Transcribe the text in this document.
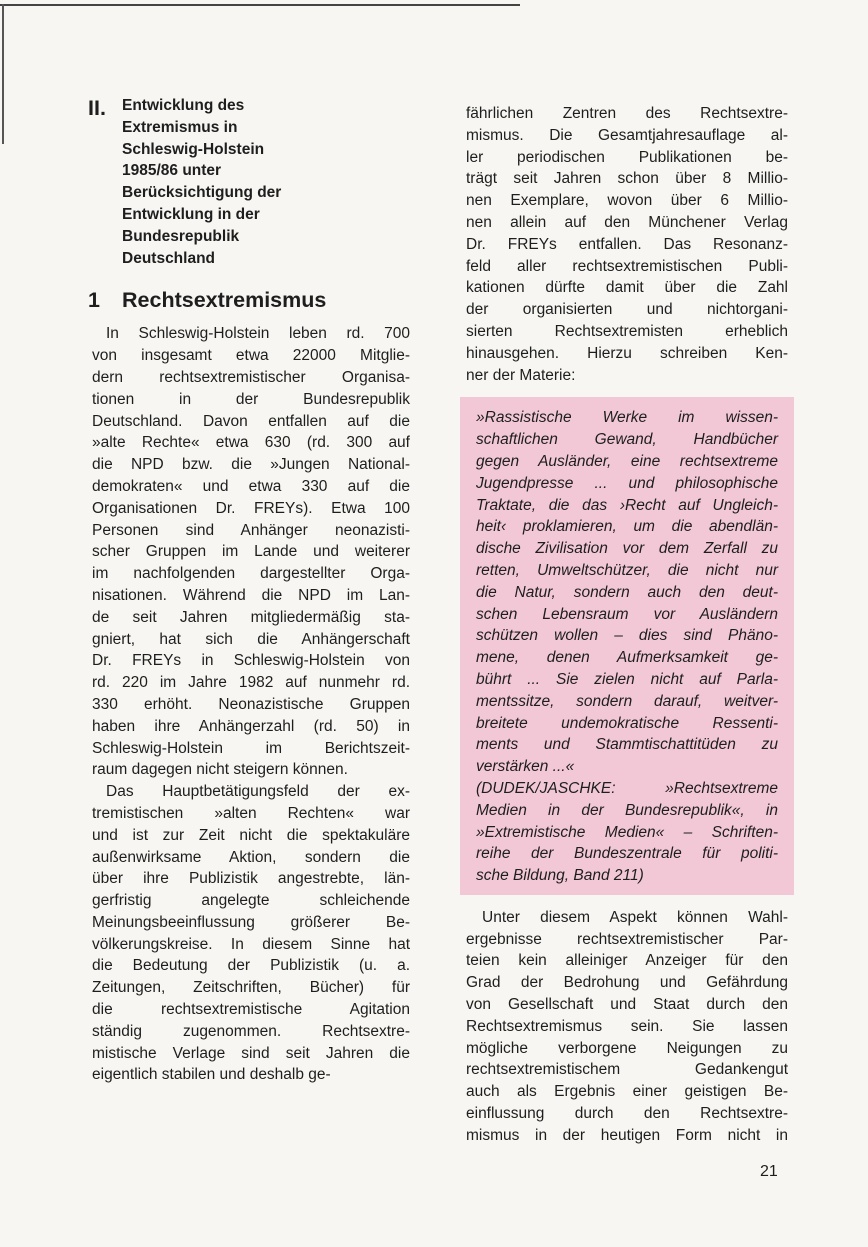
II.	Entwicklung des
Extremismus in
Schleswig-Holstein
1985/86 unter
Berücksichtigung der
Entwicklung in der
Bundesrepublik
Deutschland
1	Rechtsextremismus
In Schleswig-Holstein leben rd. 700
von insgesamt etwa 22000 Mitglie-
dern rechtsextremistischer Organisa-
tionen in der Bundesrepublik
Deutschland. Davon entfallen auf die
»alte Rechte« etwa 630 (rd. 300 auf
die NPD bzw. die »Jungen National-
demokraten« und etwa 330 auf die
Organisationen Dr. FREYs). Etwa 100
Personen sind Anhänger neonazisti-
scher Gruppen im Lande und weiterer
im nachfolgenden dargestellter Orga-
nisationen. Während die NPD im Lan-
de seit Jahren mitgliedermäßig sta-
gniert, hat sich die Anhängerschaft
Dr. FREYs in Schleswig-Holstein von
rd. 220 im Jahre 1982 auf nunmehr rd.
330 erhöht. Neonazistische Gruppen
haben ihre Anhängerzahl (rd. 50) in
Schleswig-Holstein im Berichtszeit-
raum dagegen nicht steigern können.
Das Hauptbetätigungsfeld der ex-
tremistischen »alten Rechten« war
und ist zur Zeit nicht die spektakuläre
außenwirksame Aktion, sondern die
über ihre Publizistik angestrebte, län-
gerfristig angelegte schleichende
Meinungsbeeinflussung größerer Be-
völkerungskreise. In diesem Sinne hat
die Bedeutung der Publizistik (u. a.
Zeitungen, Zeitschriften, Bücher) für
die rechtsextremistische Agitation
ständig zugenommen. Rechtsextre-
mistische Verlage sind seit Jahren die
eigentlich stabilen und deshalb ge-
fährlichen Zentren des Rechtsextre-
mismus. Die Gesamtjahresauflage al-
ler periodischen Publikationen be-
trägt seit Jahren schon über 8 Millio-
nen Exemplare, wovon über 6 Millio-
nen allein auf den Münchener Verlag
Dr. FREYs entfallen. Das Resonanz-
feld aller rechtsextremistischen Publi-
kationen dürfte damit über die Zahl
der organisierten und nichtorgani-
sierten Rechtsextremisten erheblich
hinausgehen. Hierzu schreiben Ken-
ner der Materie:
»Rassistische Werke im wissen-
schaftlichen Gewand, Handbücher
gegen Ausländer, eine rechtsextreme
Jugendpresse ... und philosophische
Traktate, die das ›Recht auf Ungleich-
heit‹ proklamieren, um die abendlän-
dische Zivilisation vor dem Zerfall zu
retten, Umweltschützer, die nicht nur
die Natur, sondern auch den deut-
schen Lebensraum vor Ausländern
schützen wollen – dies sind Phäno-
mene, denen Aufmerksamkeit ge-
bührt ... Sie zielen nicht auf Parla-
mentssitze, sondern darauf, weitver-
breitete undemokratische Ressenti-
ments und Stammtischattitüden zu
verstärken ...«
(DUDEK/JASCHKE: »Rechtsextreme
Medien in der Bundesrepublik«, in
»Extremistische Medien« – Schriften-
reihe der Bundeszentrale für politi-
sche Bildung, Band 211)
Unter diesem Aspekt können Wahl-
ergebnisse rechtsextremistischer Par-
teien kein alleiniger Anzeiger für den
Grad der Bedrohung und Gefährdung
von Gesellschaft und Staat durch den
Rechtsextremismus sein. Sie lassen
mögliche verborgene Neigungen zu
rechtsextremistischem Gedankengut
auch als Ergebnis einer geistigen Be-
einflussung durch den Rechtsextre-
mismus in der heutigen Form nicht in
21
